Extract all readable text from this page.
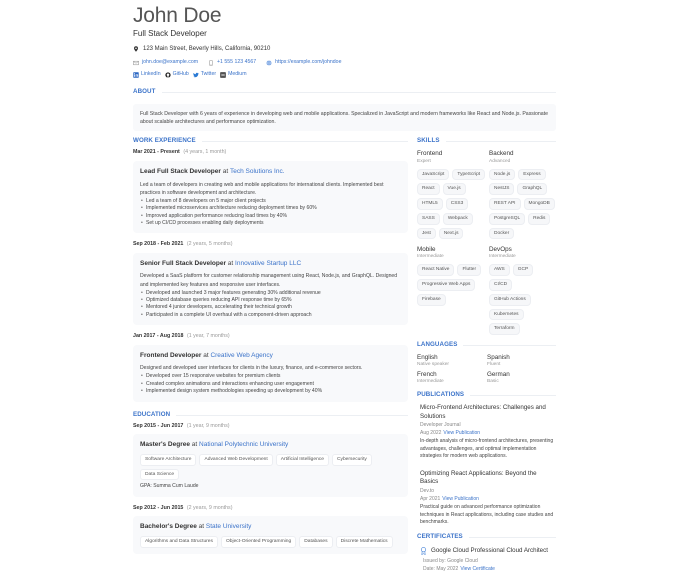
John Doe
Full Stack Developer
123 Main Street, Beverly Hills, California, 90210
john.doe@example.com	+1 555 123 4567	https://example.com/johndoe
LinkedIn GitHub Twitter M Medium
ABOUT
Full Stack Developer with 6 years of experience in developing web and mobile applications. Specialized in JavaScript and modern frameworks like React and Node.js. Passionate about scalable architectures and performance optimization.
WORK EXPERIENCE
Mar 2021 - Present (4 years, 1 month)
Lead Full Stack Developer at Tech Solutions Inc.
Led a team of developers in creating web and mobile applications for international clients. Implemented best practices in software development and architecture.
• Led a team of 8 developers on 5 major client projects
• Implemented microservices architecture reducing deployment times by 60%
• Improved application performance reducing load times by 40%
• Set up CI/CD processes enabling daily deployments
Sep 2018 - Feb 2021 (2 years, 5 months)
Senior Full Stack Developer at Innovative Startup LLC
Developed a SaaS platform for customer relationship management using React, Node.js, and GraphQL. Designed and implemented key features and responsive user interfaces.
• Developed and launched 3 major features generating 30% additional revenue
• Optimized database queries reducing API response time by 65%
• Mentored 4 junior developers, accelerating their technical growth
• Participated in a complete UI overhaul with a component-driven approach
Jan 2017 - Aug 2018 (1 year, 7 months)
Frontend Developer at Creative Web Agency
Designed and developed user interfaces for clients in the luxury, finance, and e-commerce sectors.
• Developed over 15 responsive websites for premium clients
• Created complex animations and interactions enhancing user engagement
• Implemented design system methodologies speeding up development by 40%
EDUCATION
Sep 2015 - Jun 2017 (1 year, 9 months)
Master's Degree at National Polytechnic University
Software Architecture	Advanced Web Development	Artificial Intelligence	Cybersecurity
Data Science
GPA: Summa Cum Laude
Sep 2012 - Jun 2015 (2 years, 9 months)
Bachelor's Degree at State University
Algorithms and Data Structures	Object-Oriented Programming	Databases	Discrete Mathematics
SKILLS
Frontend
Expert
JavaScript	TypeScript
React	Vue.js
HTML5	CSS3
SASS	Webpack
Jest	Next.js
Backend
Advanced
Node.js	Express
NestJS	GraphQL
REST API	MongoDB
PostgreSQL	Redis
Docker
Mobile
Intermediate
React Native	Flutter
Progressive Web Apps
Firebase
DevOps
Intermediate
AWS	GCP
CI/CD
GitHub Actions
Kubernetes
Terraform
LANGUAGES
English
Native speaker
Spanish
Fluent
French
Intermediate
German
Basic
PUBLICATIONS
Micro-Frontend Architectures: Challenges and Solutions
Developer Journal
Aug 2022 View Publication
In-depth analysis of micro-frontend architectures, presenting advantages, challenges, and optimal implementation strategies for modern web applications.
Optimizing React Applications: Beyond the Basics
Dev.to
Apr 2021 View Publication
Practical guide on advanced performance optimization techniques in React applications, including case studies and benchmarks.
CERTIFICATES
Google Cloud Professional Cloud Architect
Issued by: Google Cloud
Date: May 2022 View Certificate
